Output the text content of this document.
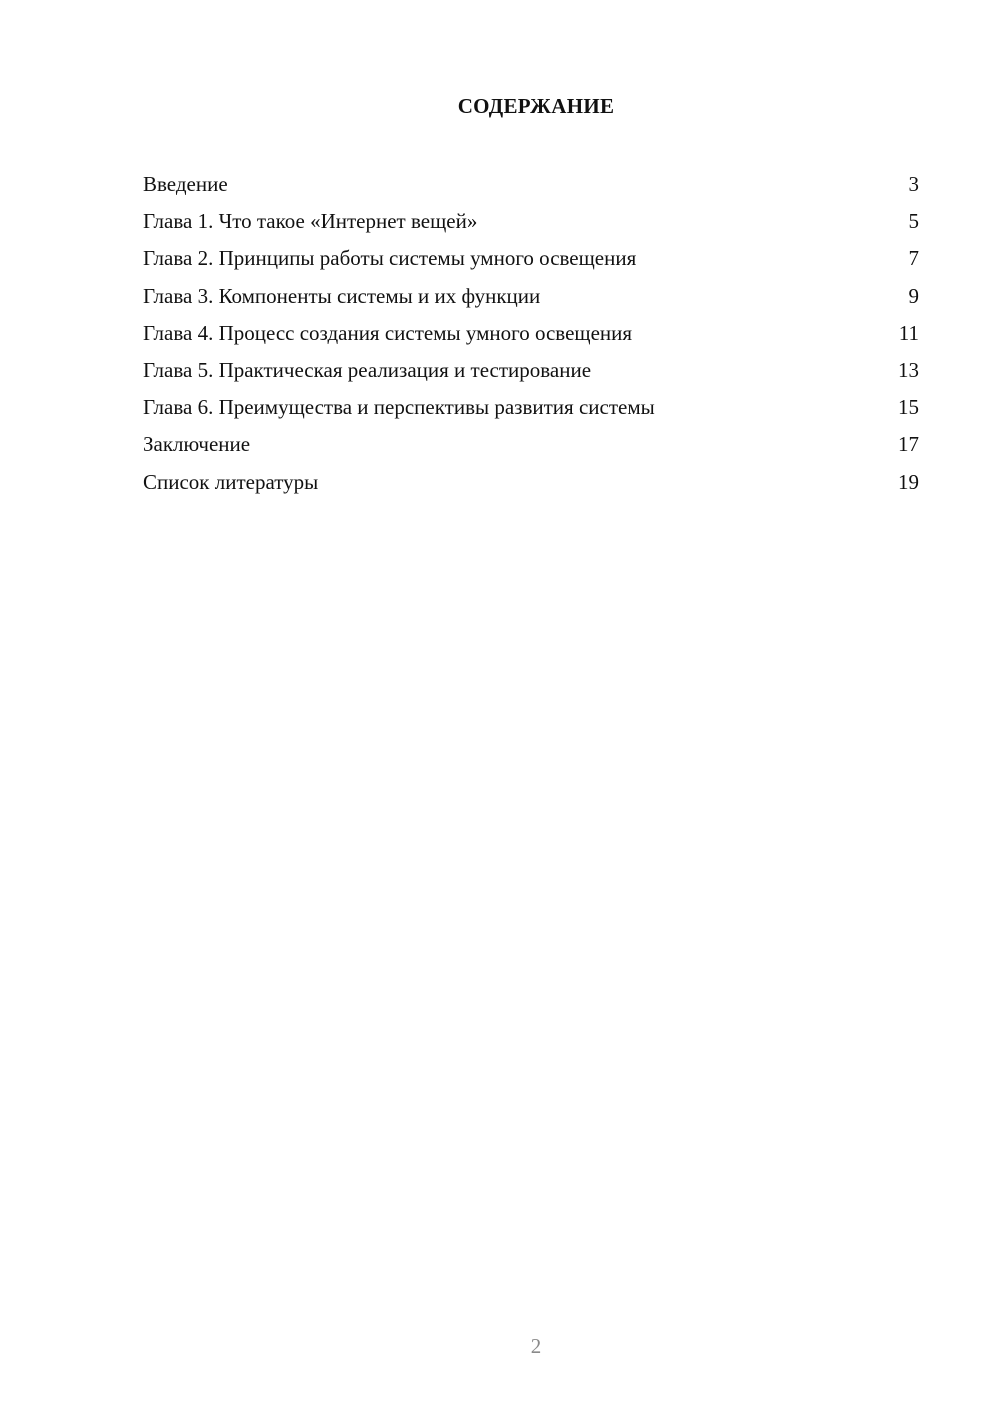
СОДЕРЖАНИЕ
Введение	3
Глава 1. Что такое «Интернет вещей»	5
Глава 2. Принципы работы системы умного освещения	7
Глава 3. Компоненты системы и их функции	9
Глава 4. Процесс создания системы умного освещения	11
Глава 5. Практическая реализация и тестирование	13
Глава 6. Преимущества и перспективы развития системы	15
Заключение	17
Список литературы	19
2
